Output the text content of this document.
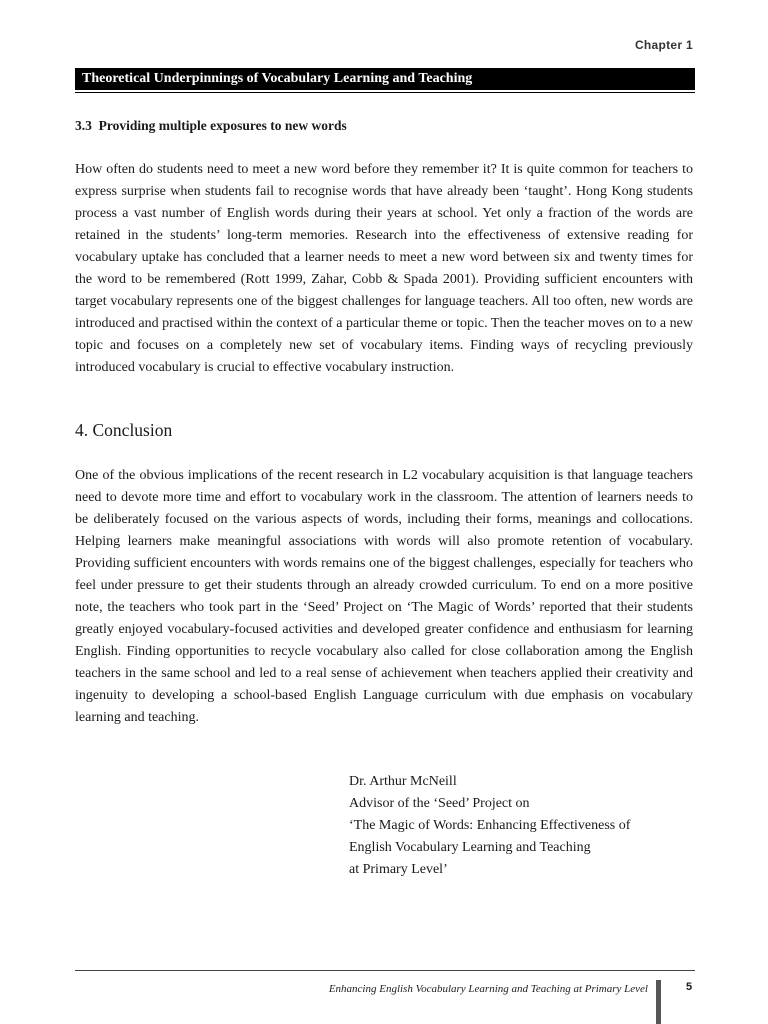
Chapter 1
Theoretical Underpinnings of Vocabulary Learning and Teaching
3.3  Providing multiple exposures to new words

How often do students need to meet a new word before they remember it? It is quite common for teachers to express surprise when students fail to recognise words that have already been ‘taught’. Hong Kong students process a vast number of English words during their years at school. Yet only a fraction of the words are retained in the students’ long-term memories. Research into the effectiveness of extensive reading for vocabulary uptake has concluded that a learner needs to meet a new word between six and twenty times for the word to be remembered (Rott 1999, Zahar, Cobb & Spada 2001). Providing sufficient encounters with target vocabulary represents one of the biggest challenges for language teachers. All too often, new words are introduced and practised within the context of a particular theme or topic. Then the teacher moves on to a new topic and focuses on a completely new set of vocabulary items. Finding ways of recycling previously introduced vocabulary is crucial to effective vocabulary instruction.

4. Conclusion

One of the obvious implications of the recent research in L2 vocabulary acquisition is that language teachers need to devote more time and effort to vocabulary work in the classroom. The attention of learners needs to be deliberately focused on the various aspects of words, including their forms, meanings and collocations. Helping learners make meaningful associations with words will also promote retention of vocabulary. Providing sufficient encounters with words remains one of the biggest challenges, especially for teachers who feel under pressure to get their students through an already crowded curriculum. To end on a more positive note, the teachers who took part in the ‘Seed’ Project on ‘The Magic of Words’ reported that their students greatly enjoyed vocabulary-focused activities and developed greater confidence and enthusiasm for learning English. Finding opportunities to recycle vocabulary also called for close collaboration among the English teachers in the same school and led to a real sense of achievement when teachers applied their creativity and ingenuity to developing a school-based English Language curriculum with due emphasis on vocabulary learning and teaching.

Dr. Arthur McNeill
Advisor of the ‘Seed’ Project on
‘The Magic of Words: Enhancing Effectiveness of
English Vocabulary Learning and Teaching
at Primary Level’
Enhancing English Vocabulary Learning and Teaching at Primary Level	5
